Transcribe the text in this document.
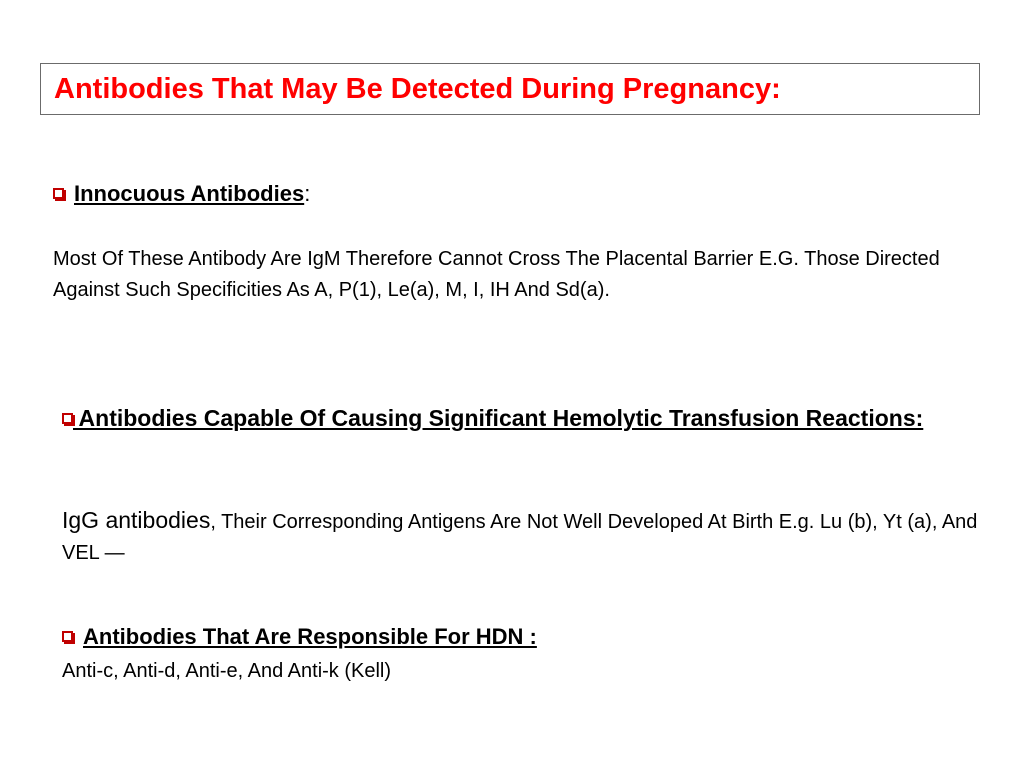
Antibodies That May Be Detected During Pregnancy:
Innocuous Antibodies:
Most Of These Antibody Are IgM Therefore Cannot Cross The Placental Barrier E.G. Those Directed Against Such Specificities As A, P(1), Le(a), M, I, IH And Sd(a).
Antibodies Capable Of Causing Significant Hemolytic Transfusion Reactions:
IgG antibodies, Their Corresponding Antigens Are Not Well Developed At Birth E.g. Lu (b), Yt (a), And VEL —
Antibodies That Are Responsible For HDN :
Anti-c, Anti-d, Anti-e, And Anti-k (Kell)
